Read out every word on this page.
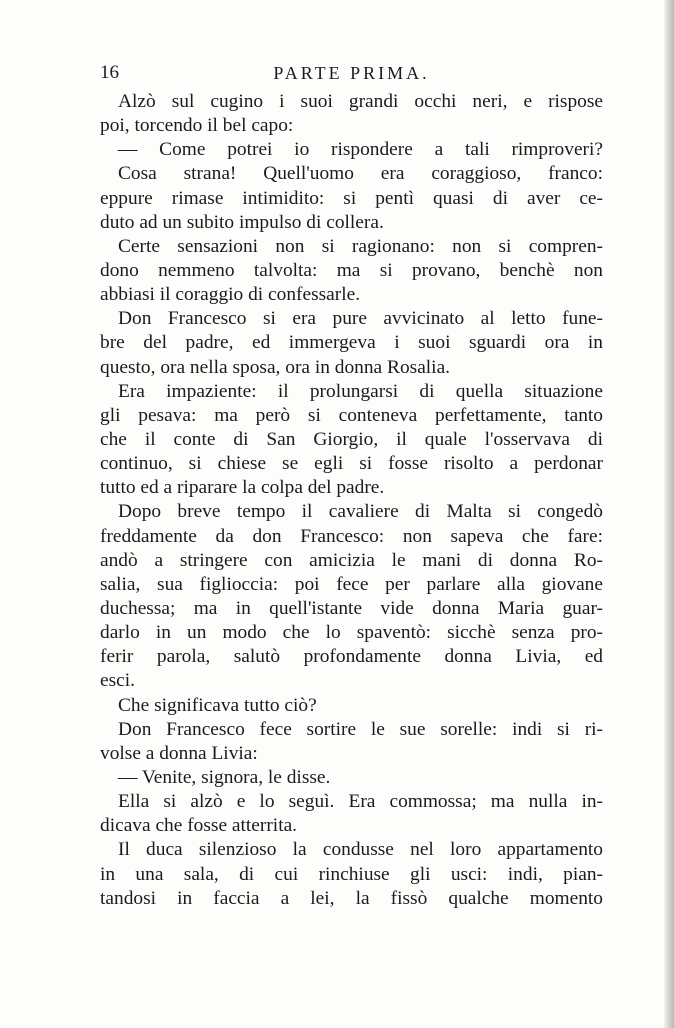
16	PARTE PRIMA.
Alzò sul cugino i suoi grandi occhi neri, e rispose
poi, torcendo il bel capo:
— Come potrei io rispondere a tali rimproveri?
Cosa strana! Quell'uomo era coraggioso, franco:
eppure rimase intimidito: si pentì quasi di aver ce-
duto ad un subito impulso di collera.
Certe sensazioni non si ragionano: non si compren-
dono nemmeno talvolta: ma si provano, benchè non
abbiasi il coraggio di confessarle.
Don Francesco si era pure avvicinato al letto fune-
bre del padre, ed immergeva i suoi sguardi ora in
questo, ora nella sposa, ora in donna Rosalia.
Era impaziente: il prolungarsi di quella situazione
gli pesava: ma però si conteneva perfettamente, tanto
che il conte di San Giorgio, il quale l'osservava di
continuo, si chiese se egli si fosse risolto a perdonar
tutto ed a riparare la colpa del padre.
Dopo breve tempo il cavaliere di Malta si congedò
freddamente da don Francesco: non sapeva che fare:
andò a stringere con amicizia le mani di donna Ro-
salia, sua figlioccia: poi fece per parlare alla giovane
duchessa; ma in quell'istante vide donna Maria guar-
darlo in un modo che lo spaventò: sicchè senza pro-
ferir parola, salutò profondamente donna Livia, ed
esci.
Che significava tutto ciò?
Don Francesco fece sortire le sue sorelle: indi si ri-
volse a donna Livia:
— Venite, signora, le disse.
Ella si alzò e lo seguì. Era commossa; ma nulla in-
dicava che fosse atterrita.
Il duca silenzioso la condusse nel loro appartamento
in una sala, di cui rinchiuse gli usci: indi, pian-
tandosi in faccia a lei, la fissò qualche momento
